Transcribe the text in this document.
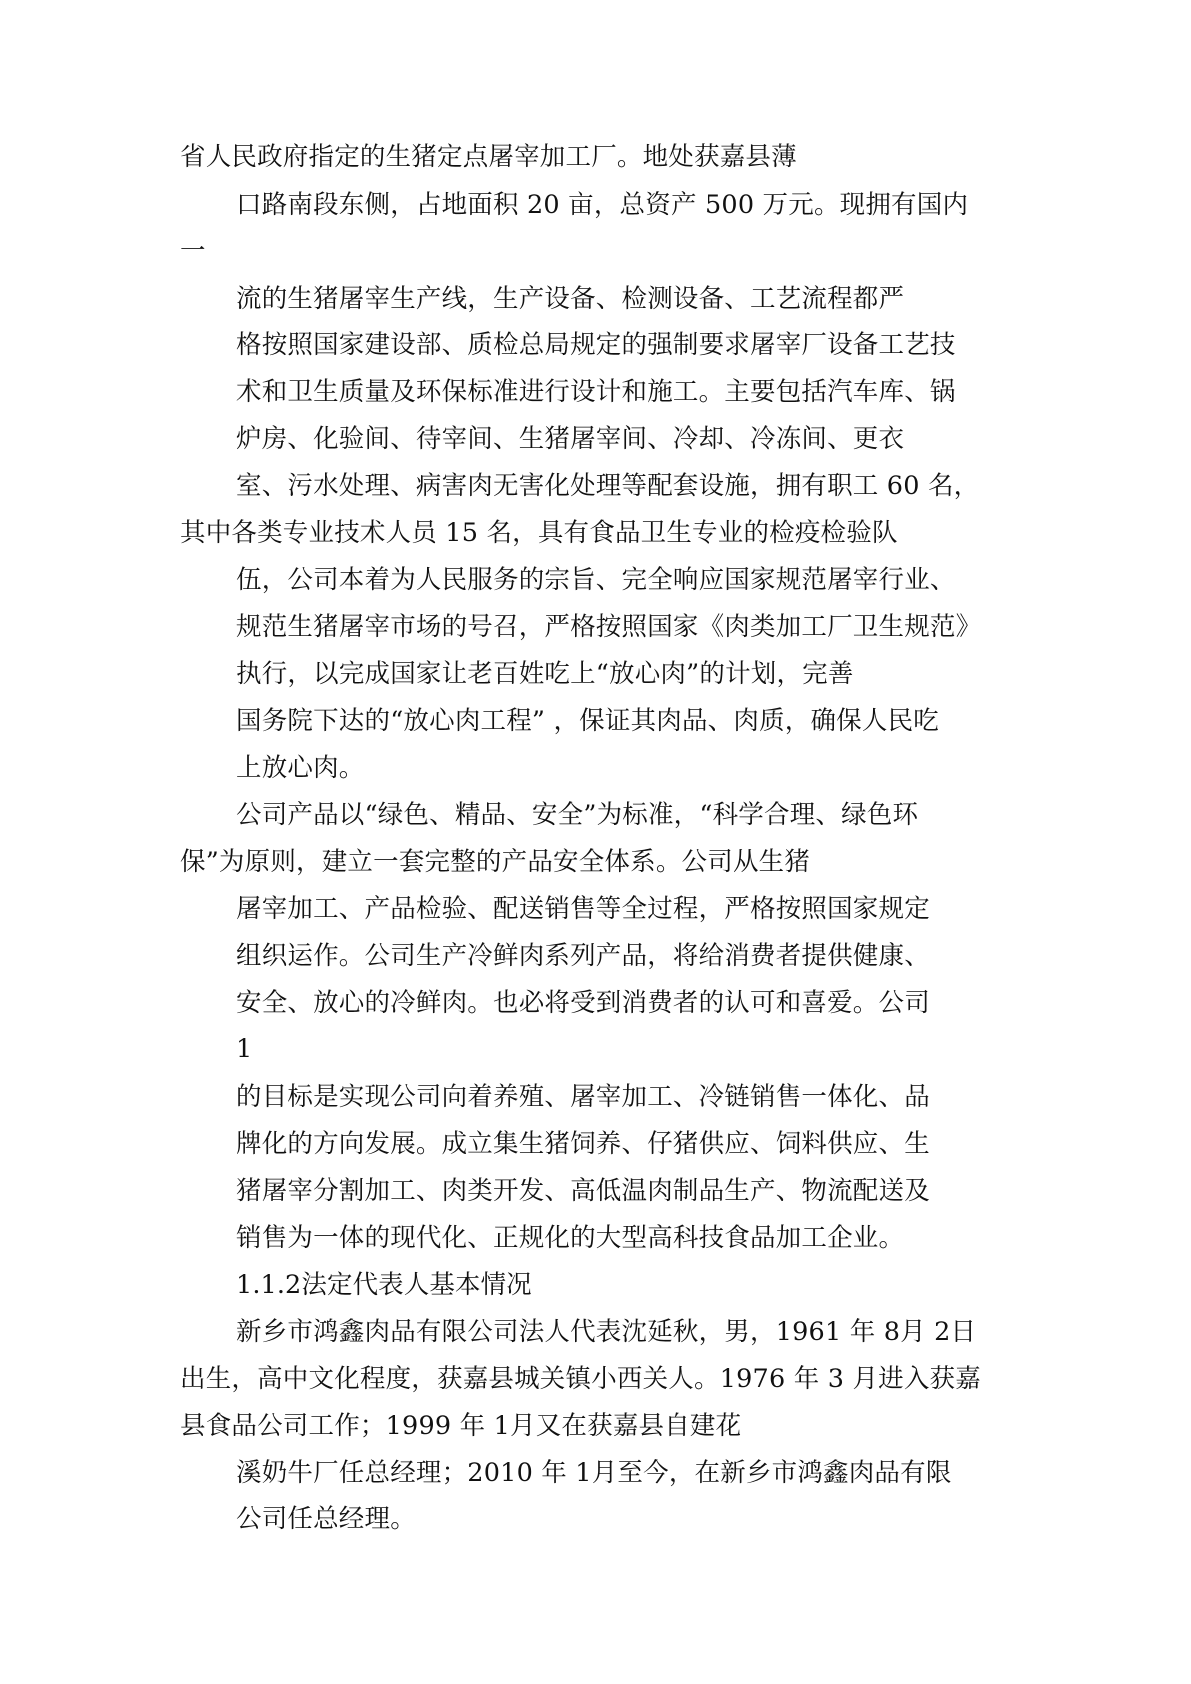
省人民政府指定的生猪定点屠宰加工厂。地处获嘉县薄
口路南段东侧，占地面积 20 亩，总资产 500 万元。现拥有国内
一
流的生猪屠宰生产线，生产设备、检测设备、工艺流程都严
格按照国家建设部、质检总局规定的强制要求屠宰厂设备工艺技
术和卫生质量及环保标准进行设计和施工。主要包括汽车库、锅
炉房、化验间、待宰间、生猪屠宰间、冷却、冷冻间、更衣
室、污水处理、病害肉无害化处理等配套设施，拥有职工 60 名，
其中各类专业技术人员 15 名，具有食品卫生专业的检疫检验队
伍，公司本着为人民服务的宗旨、完全响应国家规范屠宰行业、
规范生猪屠宰市场的号召，严格按照国家《肉类加工厂卫生规范》
执行，以完成国家让老百姓吃上“放心肉”的计划，完善
国务院下达的“放心肉工程” ，保证其肉品、肉质，确保人民吃
上放心肉。
公司产品以“绿色、精品、安全”为标准，“科学合理、绿色环
保”为原则，建立一套完整的产品安全体系。公司从生猪
屠宰加工、产品检验、配送销售等全过程，严格按照国家规定
组织运作。公司生产冷鲜肉系列产品，将给消费者提供健康、
安全、放心的冷鲜肉。也必将受到消费者的认可和喜爱。公司
1
的目标是实现公司向着养殖、屠宰加工、冷链销售一体化、品
牌化的方向发展。成立集生猪饲养、仔猪供应、饲料供应、生
猪屠宰分割加工、肉类开发、高低温肉制品生产、物流配送及
销售为一体的现代化、正规化的大型高科技食品加工企业。
1.1.2法定代表人基本情况
新乡市鸿鑫肉品有限公司法人代表沈延秋，男，1961 年 8月 2日
出生，高中文化程度，获嘉县城关镇小西关人。1976 年 3 月进入获嘉
县食品公司工作；1999 年 1月又在获嘉县自建花
溪奶牛厂任总经理；2010 年 1月至今，在新乡市鸿鑫肉品有限
公司任总经理。
